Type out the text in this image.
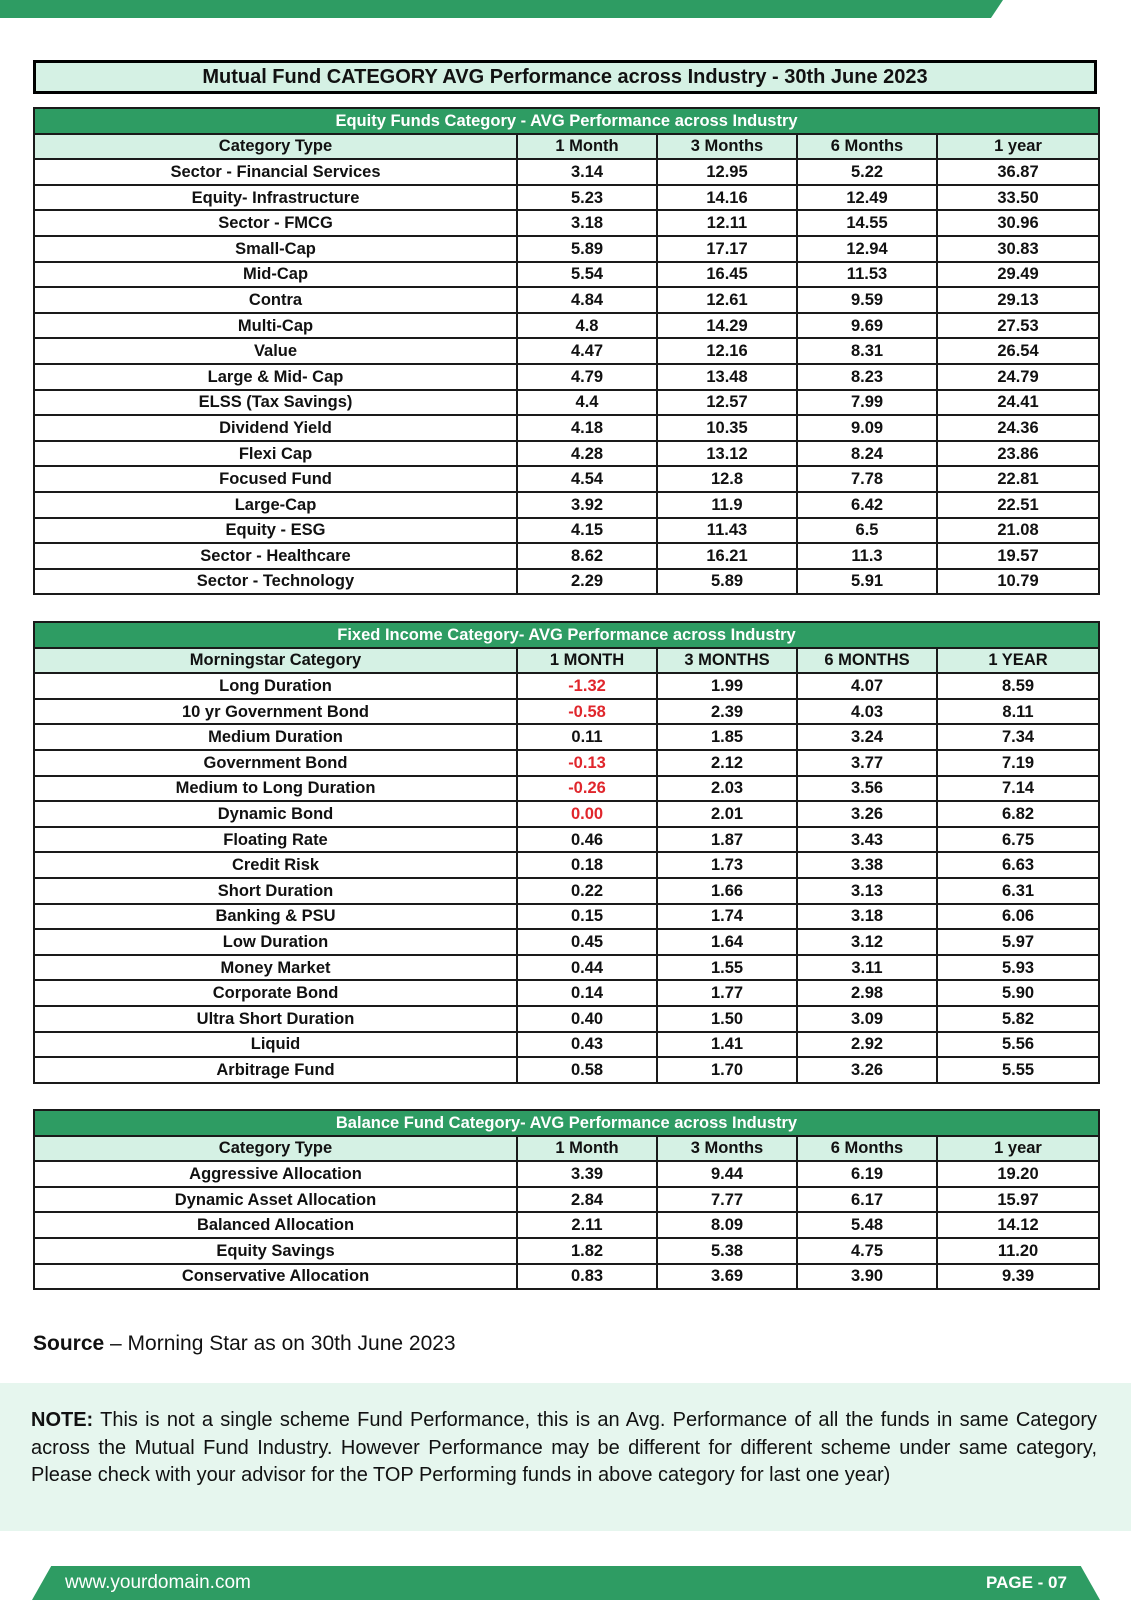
Mutual Fund CATEGORY AVG Performance across Industry - 30th June 2023
Equity Funds Category - AVG Performance across Industry				
Category Type	1 Month	3 Months	6 Months	1 year
Sector - Financial Services	3.14	12.95	5.22	36.87
Equity- Infrastructure	5.23	14.16	12.49	33.50
Sector - FMCG	3.18	12.11	14.55	30.96
Small-Cap	5.89	17.17	12.94	30.83
Mid-Cap	5.54	16.45	11.53	29.49
Contra	4.84	12.61	9.59	29.13
Multi-Cap	4.8	14.29	9.69	27.53
Value	4.47	12.16	8.31	26.54
Large & Mid- Cap	4.79	13.48	8.23	24.79
ELSS (Tax Savings)	4.4	12.57	7.99	24.41
Dividend Yield	4.18	10.35	9.09	24.36
Flexi Cap	4.28	13.12	8.24	23.86
Focused Fund	4.54	12.8	7.78	22.81
Large-Cap	3.92	11.9	6.42	22.51
Equity - ESG	4.15	11.43	6.5	21.08
Sector - Healthcare	8.62	16.21	11.3	19.57
Sector - Technology	2.29	5.89	5.91	10.79
Fixed Income Category- AVG Performance across Industry				
Morningstar Category	1 MONTH	3 MONTHS	6 MONTHS	1 YEAR
Long Duration	-1.32	1.99	4.07	8.59
10 yr Government Bond	-0.58	2.39	4.03	8.11
Medium Duration	0.11	1.85	3.24	7.34
Government Bond	-0.13	2.12	3.77	7.19
Medium to Long Duration	-0.26	2.03	3.56	7.14
Dynamic Bond	0.00	2.01	3.26	6.82
Floating Rate	0.46	1.87	3.43	6.75
Credit Risk	0.18	1.73	3.38	6.63
Short Duration	0.22	1.66	3.13	6.31
Banking & PSU	0.15	1.74	3.18	6.06
Low Duration	0.45	1.64	3.12	5.97
Money Market	0.44	1.55	3.11	5.93
Corporate Bond	0.14	1.77	2.98	5.90
Ultra Short Duration	0.40	1.50	3.09	5.82
Liquid	0.43	1.41	2.92	5.56
Arbitrage Fund	0.58	1.70	3.26	5.55
Balance Fund Category- AVG Performance across Industry				
Category Type	1 Month	3 Months	6 Months	1 year
Aggressive Allocation	3.39	9.44	6.19	19.20
Dynamic Asset Allocation	2.84	7.77	6.17	15.97
Balanced Allocation	2.11	8.09	5.48	14.12
Equity Savings	1.82	5.38	4.75	11.20
Conservative Allocation	0.83	3.69	3.90	9.39
Source – Morning Star as on 30th June 2023
NOTE: This is not a single scheme Fund Performance, this is an Avg. Performance of all the funds in same Category across the Mutual Fund Industry. However Performance may be different for different scheme under same category, Please check with your advisor for the TOP Performing funds in above category for last one year)
www.yourdomain.com	PAGE - 07
